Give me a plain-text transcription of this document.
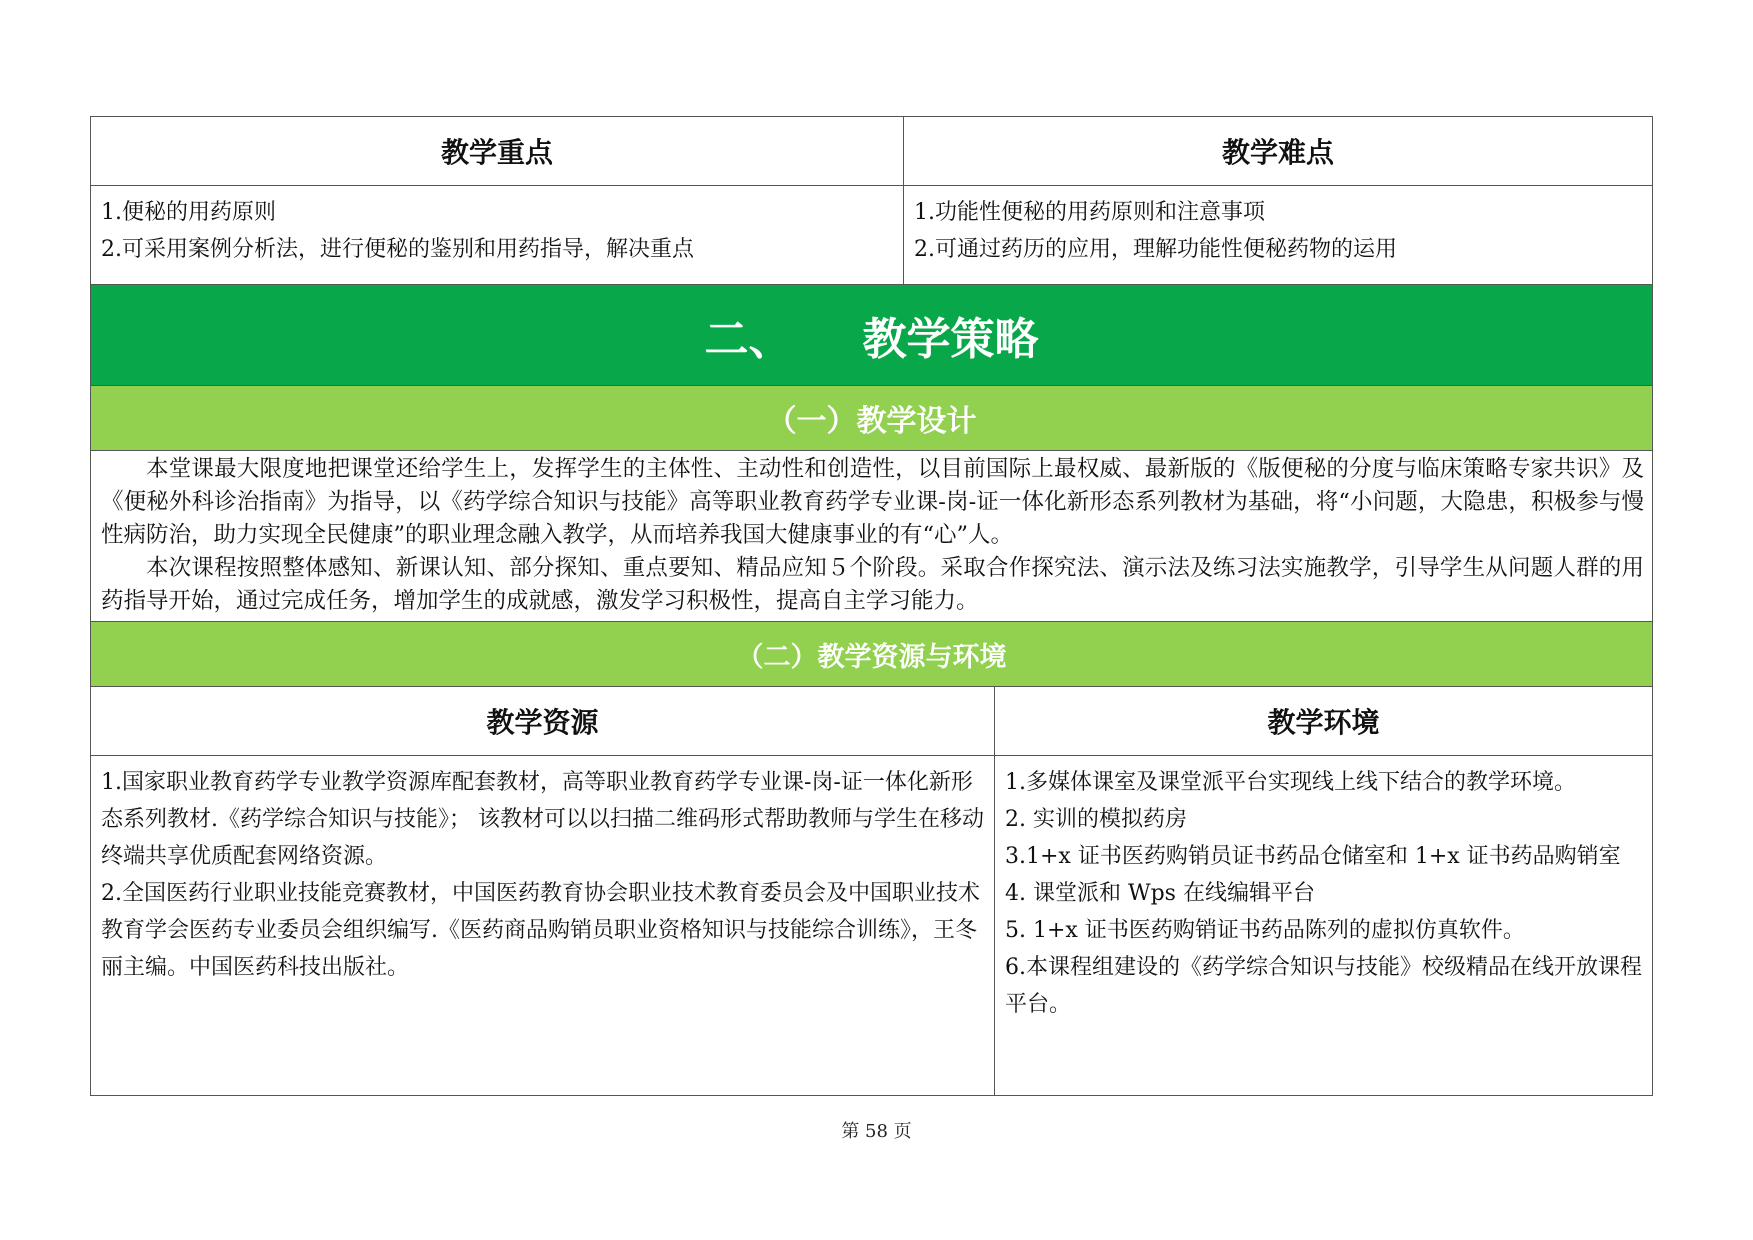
教学重点	教学难点

1.便秘的用药原则

2.可采用案例分析法，进行便秘的鉴别和用药指导，解决重点

1.功能性便秘的用药原则和注意事项

2.可通过药历的应用，理解功能性便秘药物的运用

二、 教学策略
（一）教学设计

本堂课最大限度地把课堂还给学生上，发挥学生的主体性、主动性和创造性，以目前国际上最权威、最新版的《版便秘的分度与临床策略专家共识》及《便秘外科诊治指南》为指导，以《药学综合知识与技能》高等职业教育药学专业课-岗-证一体化新形态系列教材为基础，将“小问题，大隐患，积极参与慢性病防治，助力实现全民健康”的职业理念融入教学，从而培养我国大健康事业的有“心”人。

本次课程按照整体感知、新课认知、部分探知、重点要知、精品应知５个阶段。采取合作探究法、演示法及练习法实施教学，引导学生从问题人群的用药指导开始，通过完成任务，增加学生的成就感，激发学习积极性，提高自主学习能力。

（二）教学资源与环境
教学资源	教学环境

1.国家职业教育药学专业教学资源库配套教材，高等职业教育药学专业课-岗-证一体化新形态系列教材.《药学综合知识与技能》； 该教材可以以扫描二维码形式帮助教师与学生在移动终端共享优质配套网络资源。

2.全国医药行业职业技能竞赛教材，中国医药教育协会职业技术教育委员会及中国职业技术教育学会医药专业委员会组织编写.《医药商品购销员职业资格知识与技能综合训练》，王冬丽主编。中国医药科技出版社。

1.多媒体课室及课堂派平台实现线上线下结合的教学环境。

2. 实训的模拟药房

3.1+x 证书医药购销员证书药品仓储室和 1+x 证书药品购销室

4. 课堂派和 Wps 在线编辑平台

5. 1+x 证书医药购销证书药品陈列的虚拟仿真软件。

6.本课程组建设的《药学综合知识与技能》校级精品在线开放课程平台。

第 58 页
